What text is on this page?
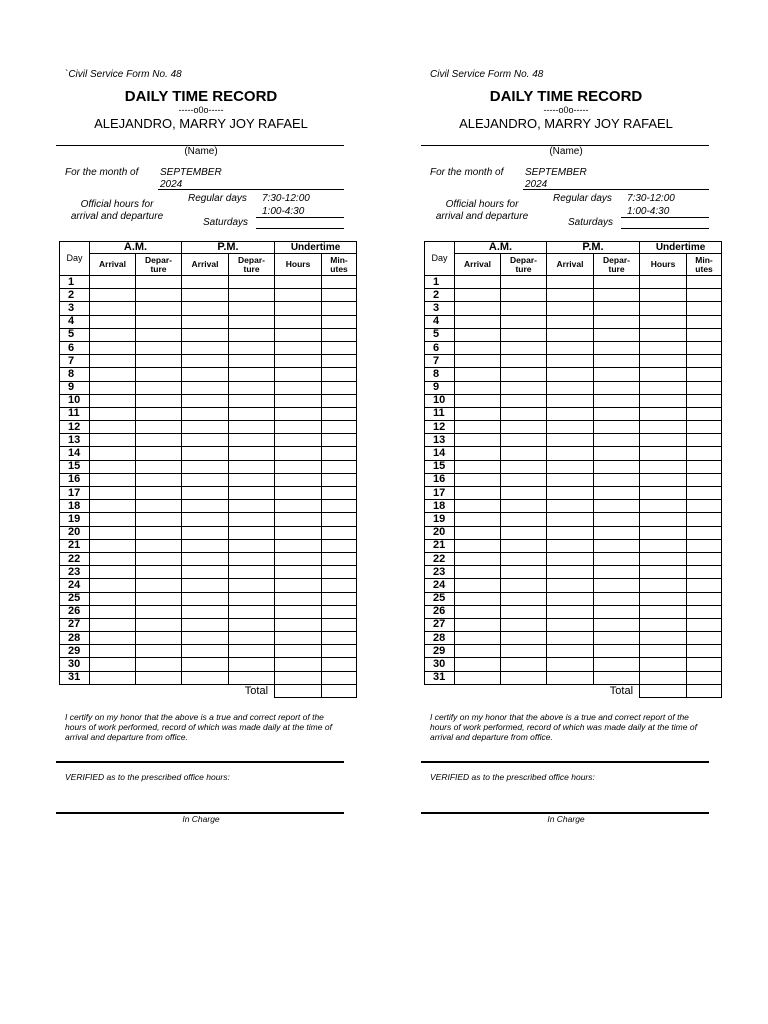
`Civil Service Form No. 48
DAILY TIME RECORD
-----o0o-----
ALEJANDRO, MARRY JOY RAFAEL
(Name)
For the month of SEPTEMBER
2024
Regular days 7:30-12:00
1:00-4:30
Official hours for
arrival and departure
Saturdays
Day	A.M.		P.M.		Undertime	
	Arrival	Depar-
ture	Arrival	Depar-
ture	Hours	Min-
utes
1						
2						
3						
4						
5						
6						
7						
8						
9						
10						
11						
12						
13						
14						
15						
16						
17						
18						
19						
20						
21						
22						
23						
24						
25						
26						
27						
28						
29						
30						
31						
Total						
I certify on my honor that the above is a true and correct report of the hours of work performed, record of which was made daily at the time of arrival and departure from office.
VERIFIED as to the prescribed office hours:
In Charge
Civil Service Form No. 48
DAILY TIME RECORD
-----o0o-----
ALEJANDRO, MARRY JOY RAFAEL
(Name)
For the month of SEPTEMBER
2024
Regular days 7:30-12:00
1:00-4:30
Official hours for
arrival and departure
Saturdays
Day	A.M.		P.M.		Undertime	
	Arrival	Depar-
ture	Arrival	Depar-
ture	Hours	Min-
utes
1						
2						
3						
4						
5						
6						
7						
8						
9						
10						
11						
12						
13						
14						
15						
16						
17						
18						
19						
20						
21						
22						
23						
24						
25						
26						
27						
28						
29						
30						
31						
Total						
I certify on my honor that the above is a true and correct report of the hours of work performed, record of which was made daily at the time of arrival and departure from office.
VERIFIED as to the prescribed office hours:
In Charge
